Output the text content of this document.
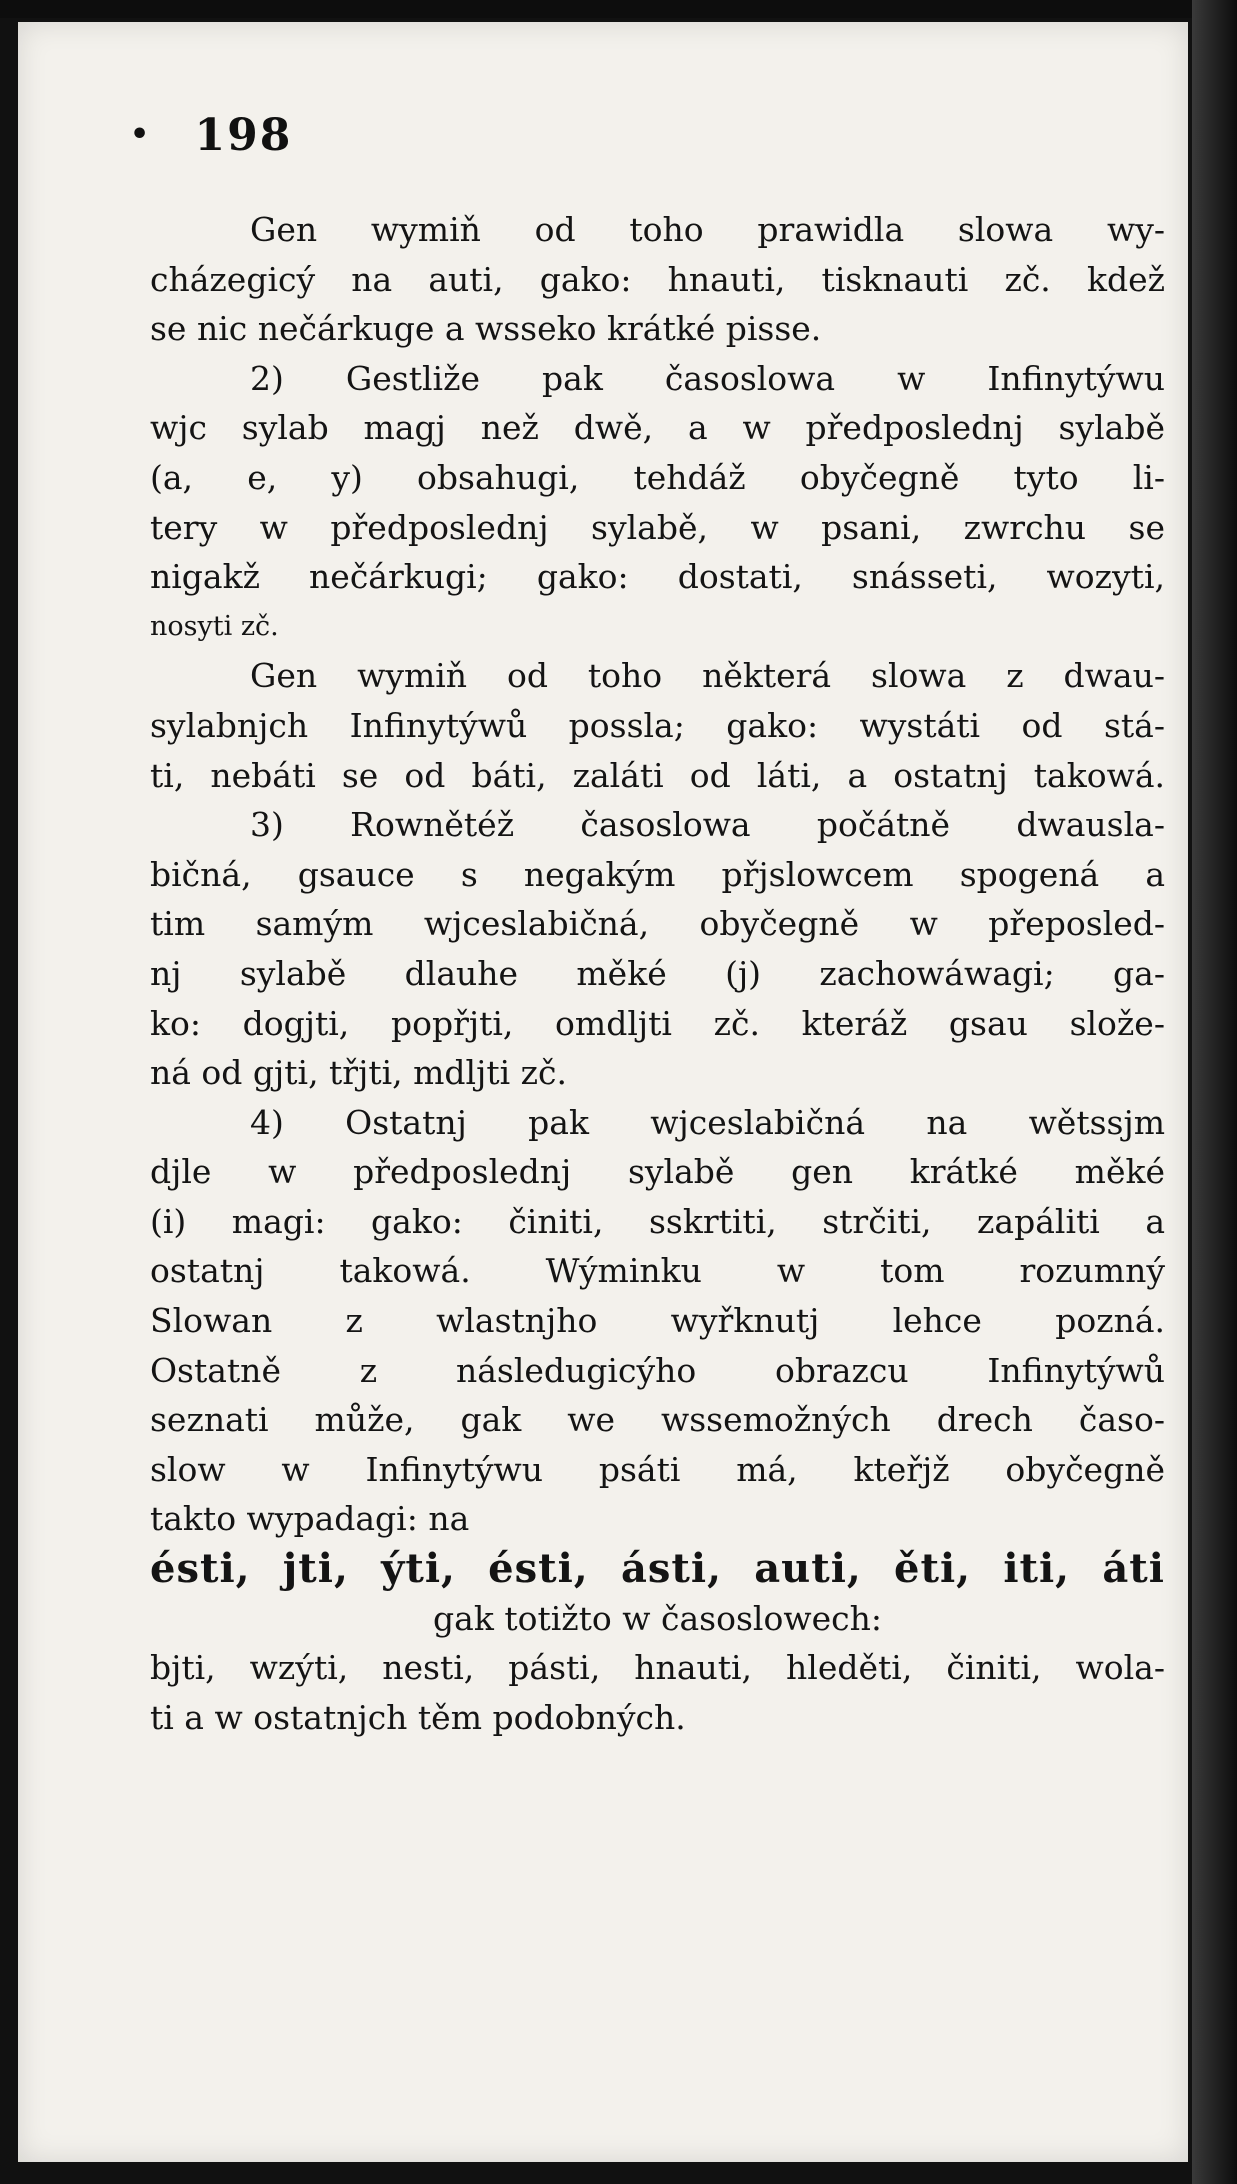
• 198
Gen wymiň od toho prawidla slowa wy-
cházegicý na auti, gako: hnauti, tisknauti zč. kdež
se nic nečárkuge a wsseko krátké pisse.
2) Gestliže pak časoslowa w Infinytýwu
wjc sylab magj než dwě, a w předposlednj sylabě
(a, e, y) obsahugi, tehdáž obyčegně tyto li-
tery w předposlednj sylabě, w psani, zwrchu se
nigakž nečárkugi; gako: dostati, snásseti, wozyti,
nosyti zč.
Gen wymiň od toho některá slowa z dwau-
sylabnjch Infinytýwů possla; gako: wystáti od stá-
ti, nebáti se od báti, zaláti od láti, a ostatnj takowá.
3) Rownětéž časoslowa počátně dwausla-
bičná, gsauce s negakým přjslowcem spogená a
tim samým wjceslabičná, obyčegně w přeposled-
nj sylabě dlauhe měké (j) zachowáwagi; ga-
ko: dogjti, popřjti, omdljti zč. kteráž gsau slože-
ná od gjti, třjti, mdljti zč.
4) Ostatnj pak wjceslabičná na wětssjm
djle w předposlednj sylabě gen krátké měké
(i) magi: gako: činiti, sskrtiti, strčiti, zapáliti a
ostatnj takowá. Wýminku w tom rozumný
Slowan z wlastnjho wyřknutj lehce pozná.
Ostatně z následugicýho obrazcu Infinytýwů
seznati může, gak we wssemožných drech časo-
slow w Infinytýwu psáti má, kteřjž obyčegně
takto wypadagi: na
ésti, jti, ýti, ésti, ásti, auti, ěti, iti, áti
gak totižto w časoslowech:
bjti, wzýti, nesti, pásti, hnauti, hleděti, činiti, wola-
ti a w ostatnjch těm podobných.
